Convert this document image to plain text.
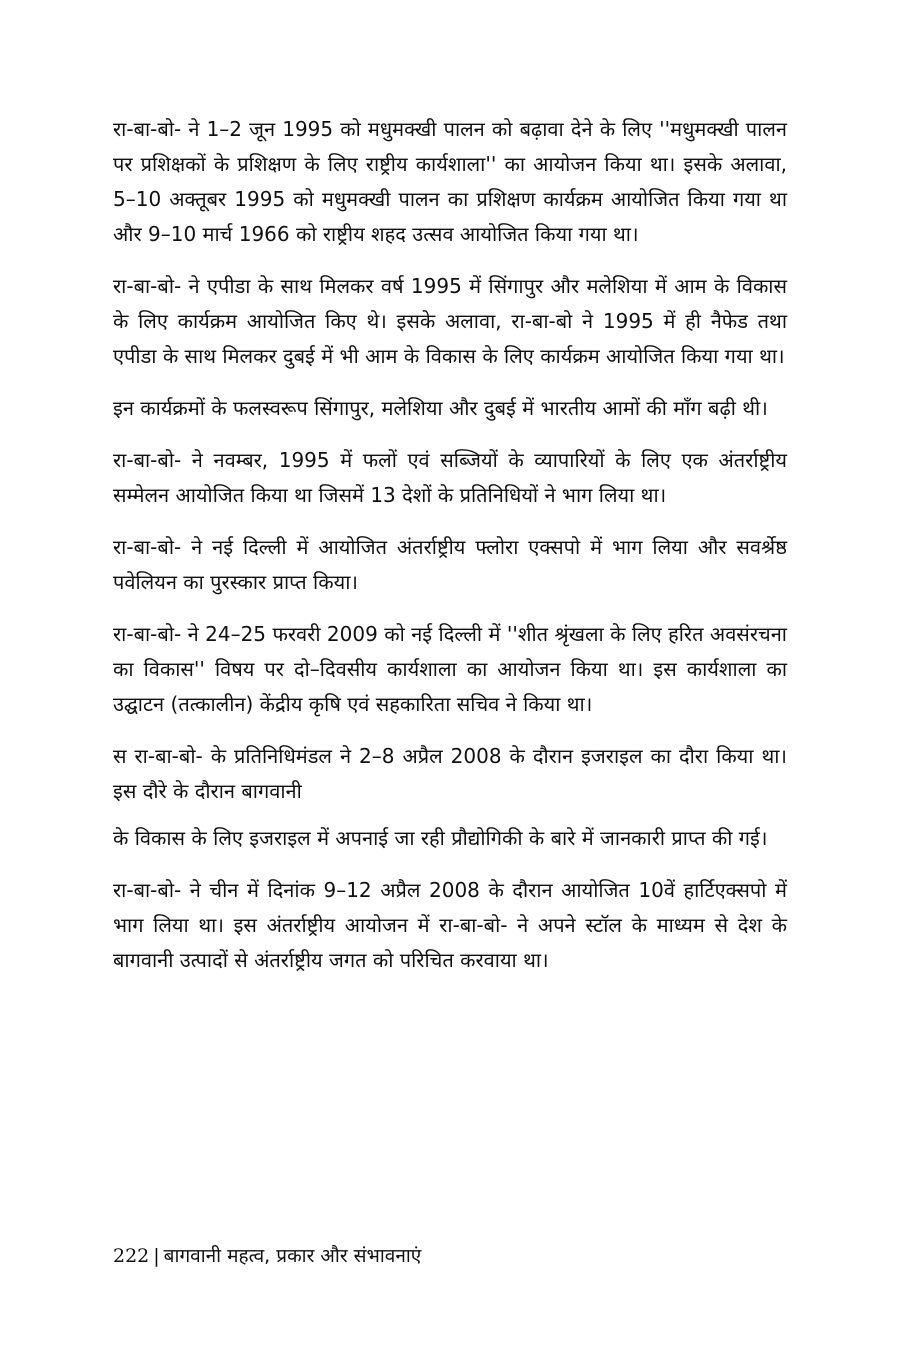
रा-बा-बो- ने 1–2 जून 1995 को मधुमक्खी पालन को बढ़ावा देने के लिए ''मधुमक्खी पालन पर प्रशिक्षकों के प्रशिक्षण के लिए राष्ट्रीय कार्यशाला'' का आयोजन किया था। इसके अलावा, 5–10 अक्तूबर 1995 को मधुमक्खी पालन का प्रशिक्षण कार्यक्रम आयोजित किया गया था और 9–10 मार्च 1966 को राष्ट्रीय शहद उत्सव आयोजित किया गया था।

रा-बा-बो- ने एपीडा के साथ मिलकर वर्ष 1995 में सिंगापुर और मलेशिया में आम के विकास के लिए कार्यक्रम आयोजित किए थे। इसके अलावा, रा-बा-बो ने 1995 में ही नैफेड तथा एपीडा के साथ मिलकर दुबई में भी आम के विकास के लिए कार्यक्रम आयोजित किया गया था।

इन कार्यक्रमों के फलस्वरूप सिंगापुर, मलेशिया और दुबई में भारतीय आमों की माँग बढ़ी थी।

रा-बा-बो- ने नवम्बर, 1995 में फलों एवं सब्जियों के व्यापारियों के लिए एक अंतर्राष्ट्रीय सम्मेलन आयोजित किया था जिसमें 13 देशों के प्रतिनिधियों ने भाग लिया था।

रा-बा-बो- ने नई दिल्ली में आयोजित अंतर्राष्ट्रीय फ्लोरा एक्सपो में भाग लिया और सवर्श्रेष्ठ पवेलियन का पुरस्कार प्राप्त किया।

रा-बा-बो- ने 24–25 फरवरी 2009 को नई दिल्ली में ''शीत श्रृंखला के लिए हरित अवसंरचना का विकास'' विषय पर दो–दिवसीय कार्यशाला का आयोजन किया था। इस कार्यशाला का उद्घाटन (तत्कालीन) केंद्रीय कृषि एवं सहकारिता सचिव ने किया था।

स रा-बा-बो- के प्रतिनिधिमंडल ने 2–8 अप्रैल 2008 के दौरान इजराइल का दौरा किया था। इस दौरे के दौरान बागवानी

के विकास के लिए इजराइल में अपनाई जा रही प्रौद्योगिकी के बारे में जानकारी प्राप्त की गई।

रा-बा-बो- ने चीन में दिनांक 9–12 अप्रैल 2008 के दौरान आयोजित 10वें हार्टिएक्सपो में भाग लिया था। इस अंतर्राष्ट्रीय आयोजन में रा-बा-बो- ने अपने स्टॉल के माध्यम से देश के बागवानी उत्पादों से अंतर्राष्ट्रीय जगत को परिचित करवाया था।

222 | बागवानी महत्व, प्रकार और संभावनाएं
